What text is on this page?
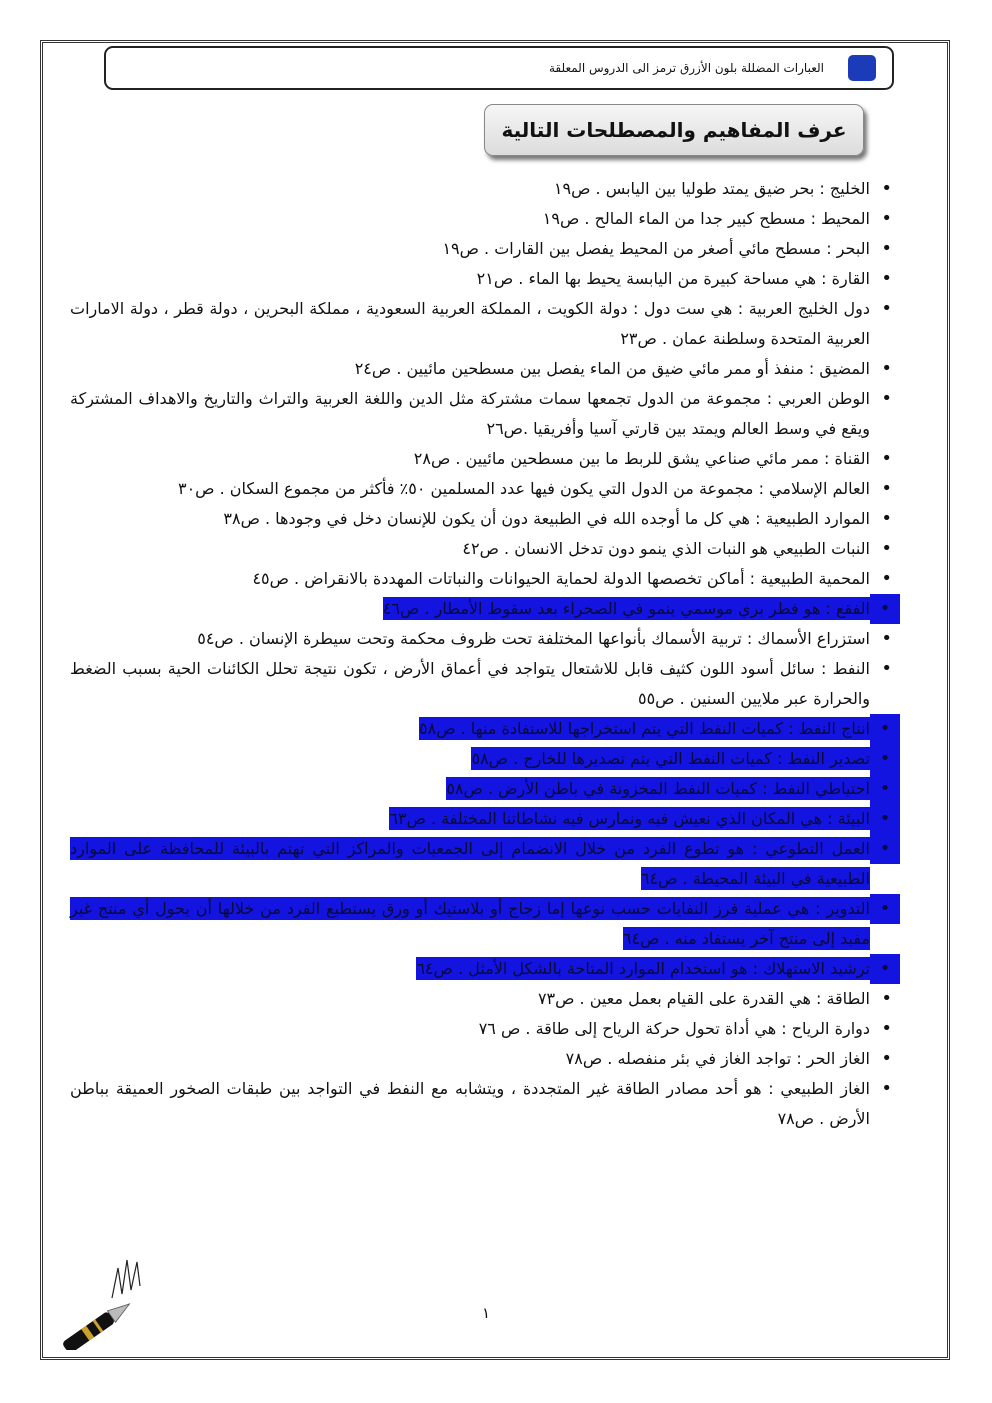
العبارات المضللة بلون الأزرق ترمز الى الدروس المعلقة
عرف المفاهيم والمصطلحات التالية
• الخليج : بحر ضيق يمتد طوليا بين اليابس . ص١٩
• المحيط : مسطح كبير جدا من الماء المالح . ص١٩
• البحر : مسطح مائي أصغر من المحيط يفصل بين القارات . ص١٩
• القارة : هي مساحة كبيرة من اليابسة يحيط بها الماء . ص٢١
• دول الخليج العربية : هي ست دول : دولة الكويت ، المملكة العربية السعودية ، مملكة البحرين ، دولة قطر ، دولة الامارات العربية المتحدة وسلطنة عمان . ص٢٣
• المضيق : منفذ أو ممر مائي ضيق من الماء يفصل بين مسطحين مائيين . ص٢٤
• الوطن العربي : مجموعة من الدول تجمعها سمات مشتركة مثل الدين واللغة العربية والتراث والتاريخ والاهداف المشتركة ويقع في وسط العالم ويمتد بين قارتي آسيا وأفريقيا .ص٢٦
• القناة : ممر مائي صناعي يشق للربط ما بين مسطحين مائيين . ص٢٨
• العالم الإسلامي : مجموعة من الدول التي يكون فيها عدد المسلمين ٥٠٪ فأكثر من مجموع السكان . ص٣٠
• الموارد الطبيعية : هي كل ما أوجده الله في الطبيعة دون أن يكون للإنسان دخل في وجودها . ص٣٨
• النبات الطبيعي هو النبات الذي ينمو دون تدخل الانسان . ص٤٢
• المحمية الطبيعية : أماكن تخصصها الدولة لحماية الحيوانات والنباتات المهددة بالانقراض . ص٤٥
• الفقع : هو فطر بري موسمي ينمو في الصحراء بعد سقوط الأمطار . ص٤٦
• استزراع الأسماك : تربية الأسماك بأنواعها المختلفة تحت ظروف محكمة وتحت سيطرة الإنسان . ص٥٤
• النفط : سائل أسود اللون كثيف قابل للاشتعال يتواجد في أعماق الأرض ، تكون نتيجة تحلل الكائنات الحية بسبب الضغط والحرارة عبر ملايين السنين . ص٥٥
• انتاج النفط : كميات النفط التي يتم استخراجها للاستفادة منها . ص٥٨
• تصدير النفط : كميات النفط التي يتم تصديرها للخارج . ص٥٨
• احتياطي النفط : كميات النفط المخزونة في باطن الأرض . ص٥٨
• البيئة : هي المكان الذي نعيش فيه ونمارس فيه نشاطاتنا المختلفة . ص٦٣
• العمل التطوعي : هو تطوع الفرد من خلال الانضمام إلى الجمعيات والمراكز التي تهتم بالبيئة للمحافظة على الموارد الطبيعية في البيئة المحيطة . ص٦٤
• التدوير : هي عملية فرز النفايات حسب نوعها إما زجاج أو بلاستيك أو ورق يستطيع الفرد من خلالها أن يحول أي منتج غير مفيد إلى منتج آخر يستفاد منه . ص٦٤
• ترشيد الاستهلاك : هو استخدام الموارد المتاحة بالشكل الأمثل . ص٦٤
• الطاقة : هي القدرة على القيام بعمل معين . ص٧٣
• دوارة الرياح : هي أداة تحول حركة الرياح إلى طاقة . ص ٧٦
• الغاز الحر : تواجد الغاز في بئر منفصله . ص٧٨
• الغاز الطبيعي : هو أحد مصادر الطاقة غير المتجددة ، ويتشابه مع النفط في التواجد بين طبقات الصخور العميقة بباطن الأرض . ص٧٨
١
